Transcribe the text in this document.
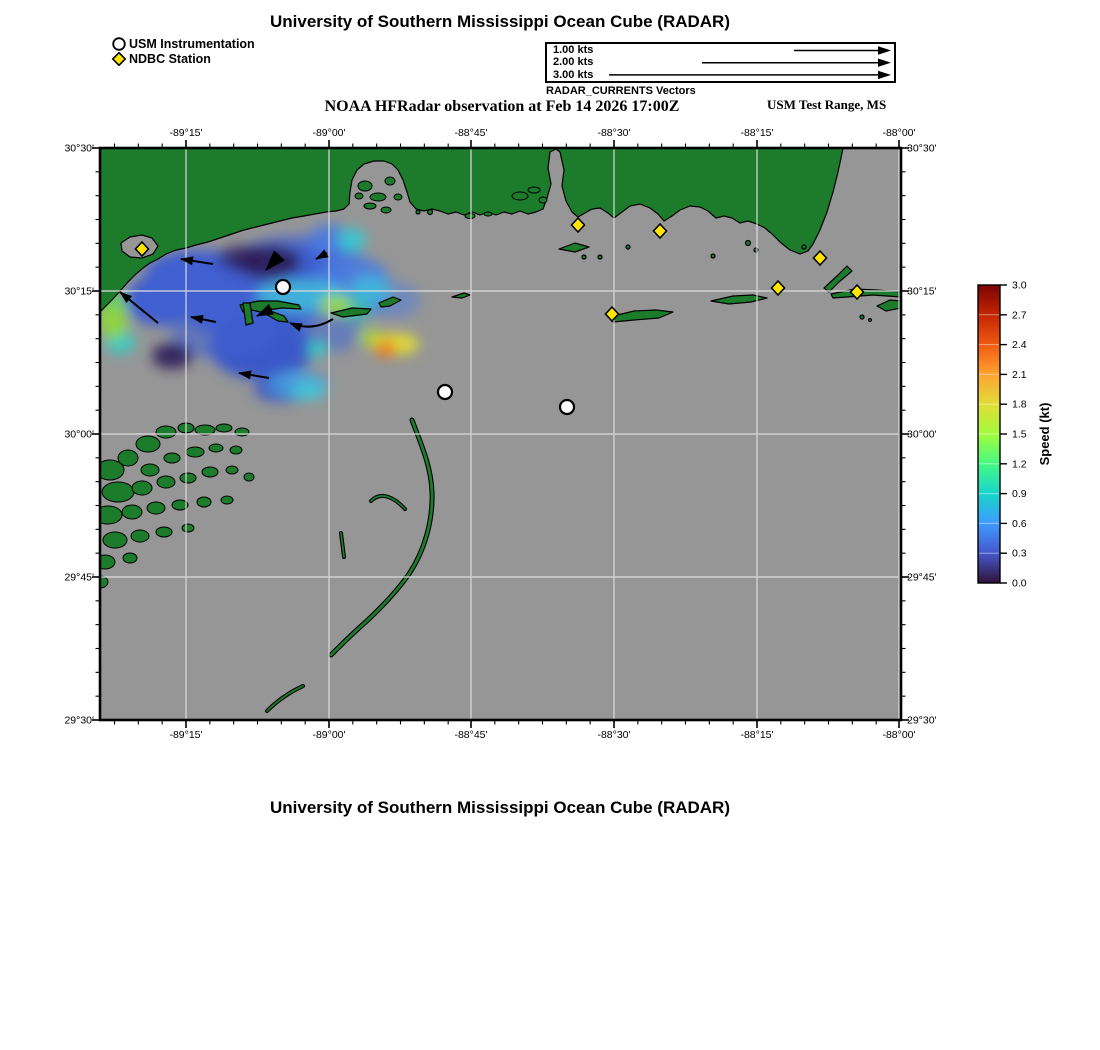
-89°15'
-89°15'
-89°00'
-89°00'
-88°45'
-88°45'
-88°30'
-88°30'
-88°15'
-88°15'
-88°00'
-88°00'
30°30'	30°30'
30°15'	30°15'
30°00'	30°00'
29°45'	29°45'
29°30'	29°30'
3.0
2.7
2.4
2.1
1.8
1.5
1.2
0.9
0.6
0.3
0.0
Speed (kt)
University of Southern Mississippi Ocean Cube (RADAR)
USM Instrumentation
NDBC Station
1.00 kts
2.00 kts
3.00 kts
RADAR_CURRENTS Vectors
NOAA HFRadar observation at Feb 14 2026 17:00Z	USM Test Range, MS
University of Southern Mississippi Ocean Cube (RADAR)
